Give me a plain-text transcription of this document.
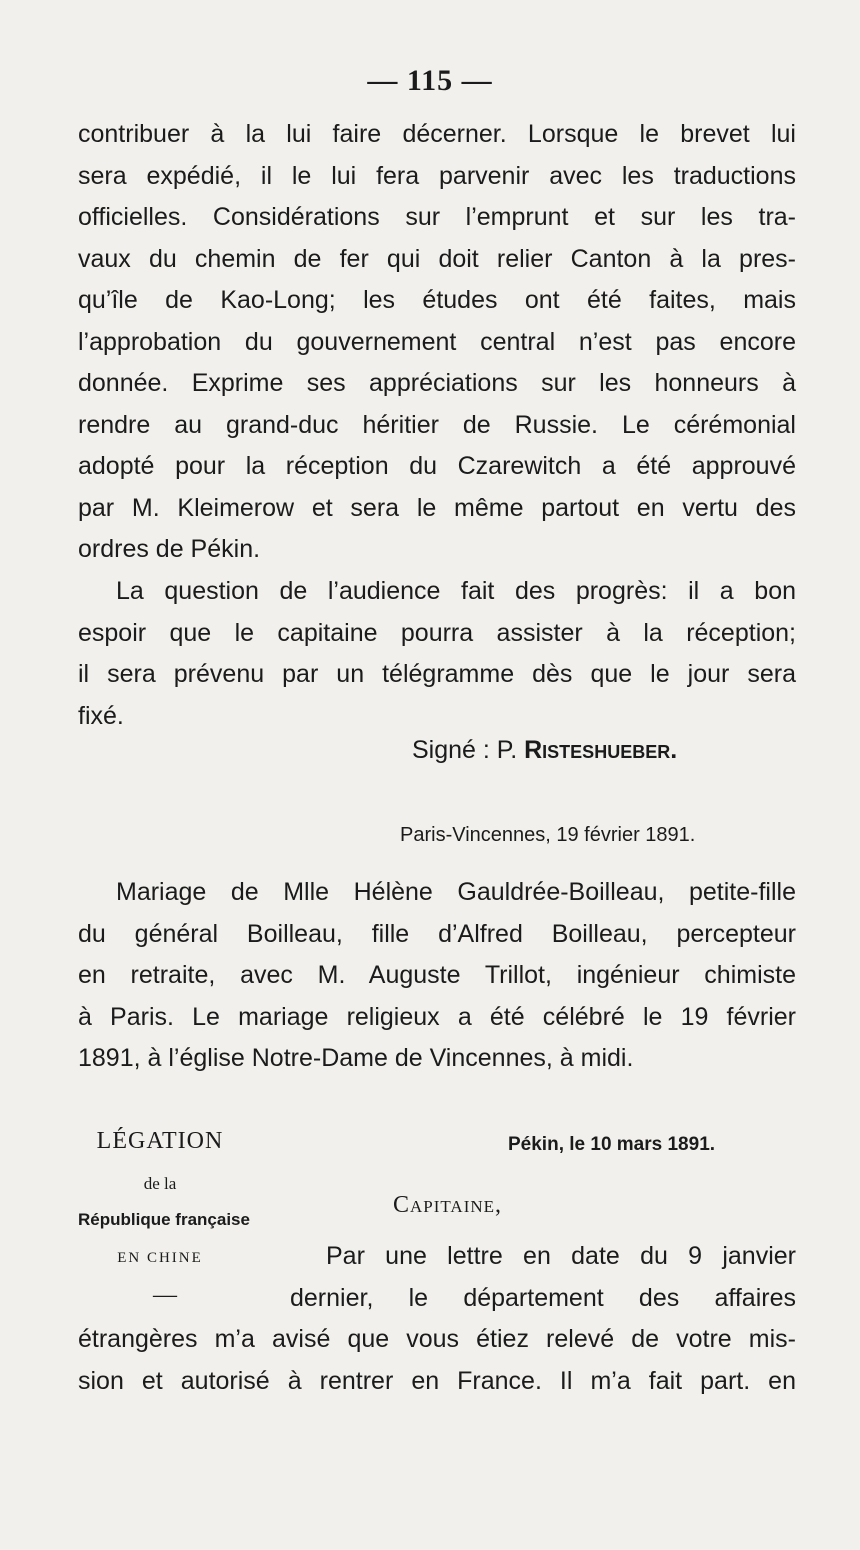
— 115 —
contribuer à la lui faire décerner. Lorsque le brevet lui
sera expédié, il le lui fera parvenir avec les traductions
officielles. Considérations sur l’emprunt et sur les tra-
vaux du chemin de fer qui doit relier Canton à la pres-
qu’île de Kao-Long; les études ont été faites, mais
l’approbation du gouvernement central n’est pas encore
donnée. Exprime ses appréciations sur les honneurs à
rendre au grand-duc héritier de Russie. Le cérémonial
adopté pour la réception du Czarewitch a été approuvé
par M. Kleimerow et sera le même partout en vertu des
ordres de Pékin.
La question de l’audience fait des progrès: il a bon
espoir que le capitaine pourra assister à la réception;
il sera prévenu par un télégramme dès que le jour sera
fixé.
Signé : P. Risteshueber.
Paris-Vincennes, 19 février 1891.
Mariage de Mlle Hélène Gauldrée-Boilleau, petite-fille
du général Boilleau, fille d’Alfred Boilleau, percepteur
en retraite, avec M. Auguste Trillot, ingénieur chimiste
à Paris. Le mariage religieux a été célébré le 19 février
1891, à l’église Notre-Dame de Vincennes, à midi.
LÉGATION
de la
République française
EN CHINE
—
Pékin, le 10 mars 1891.
Capitaine,
Par une lettre en date du 9 janvier
dernier, le département des affaires
étrangères m’a avisé que vous étiez relevé de votre mis-
sion et autorisé à rentrer en France. Il m’a fait part. en
